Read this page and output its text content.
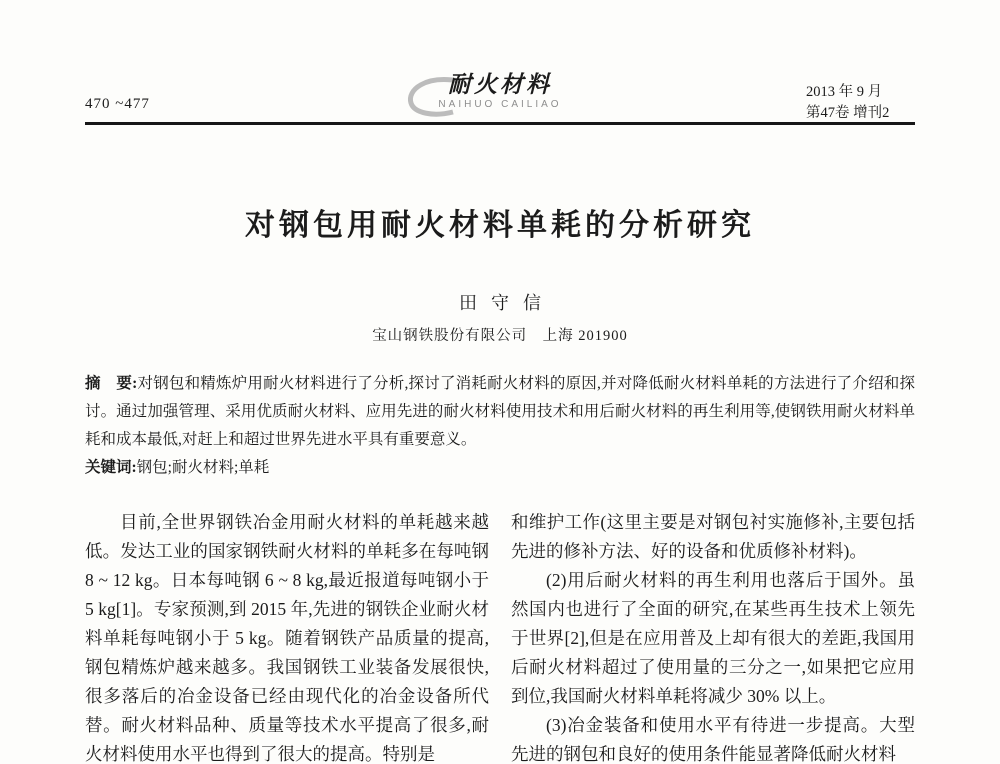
470 ~477
耐火材料
NAIHUO CAILIAO
2013 年 9 月
第47卷 增刊2
对钢包用耐火材料单耗的分析研究
田守信
宝山钢铁股份有限公司　上海 201900

摘　要:对钢包和精炼炉用耐火材料进行了分析,探讨了消耗耐火材料的原因,并对降低耐火材料单耗的方法进行了介绍和探讨。通过加强管理、采用优质耐火材料、应用先进的耐火材料使用技术和用后耐火材料的再生利用等,使钢铁用耐火材料单耗和成本最低,对赶上和超过世界先进水平具有重要意义。

关键词:钢包;耐火材料;单耗

目前,全世界钢铁冶金用耐火材料的单耗越来越低。发达工业的国家钢铁耐火材料的单耗多在每吨钢 8 ~ 12 kg。日本每吨钢 6 ~ 8 kg,最近报道每吨钢小于 5 kg[1]。专家预测,到 2015 年,先进的钢铁企业耐火材料单耗每吨钢小于 5 kg。随着钢铁产品质量的提高,钢包精炼炉越来越多。我国钢铁工业装备发展很快,很多落后的冶金设备已经由现代化的冶金设备所代替。耐火材料品种、质量等技术水平提高了很多,耐火材料使用水平也得到了很大的提高。特别是

和维护工作(这里主要是对钢包衬实施修补,主要包括先进的修补方法、好的设备和优质修补材料)。

(2)用后耐火材料的再生利用也落后于国外。虽然国内也进行了全面的研究,在某些再生技术上领先于世界[2],但是在应用普及上却有很大的差距,我国用后耐火材料超过了使用量的三分之一,如果把它应用到位,我国耐火材料单耗将减少 30% 以上。

(3)冶金装备和使用水平有待进一步提高。大型先进的钢包和良好的使用条件能显著降低耐火材料
